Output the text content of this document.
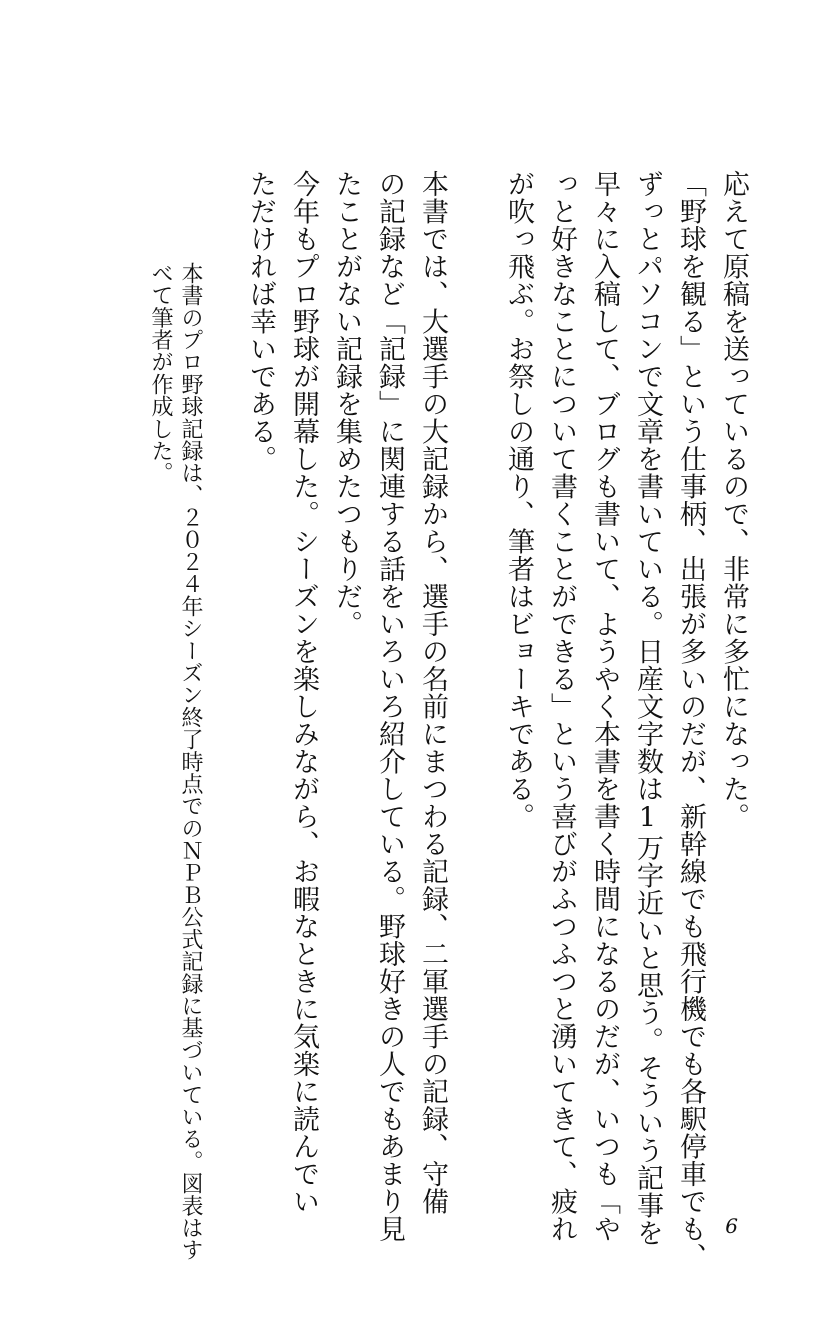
応えて原稿を送っているので、非常に多忙になった。
「野球を観る」という仕事柄、出張が多いのだが、新幹線でも飛行機でも各駅停車でも、
ずっとパソコンで文章を書いている。日産文字数は1万字近いと思う。そういう記事を
早々に入稿して、ブログも書いて、ようやく本書を書く時間になるのだが、いつも「や
っと好きなことについて書くことができる」という喜びがふつふつと湧いてきて、疲れ
が吹っ飛ぶ。お祭しの通り、筆者はビョーキである。

本書では、大選手の大記録から、選手の名前にまつわる記録、二軍選手の記録、守備
の記録など「記録」に関連する話をいろいろ紹介している。野球好きの人でもあまり見
たことがない記録を集めたつもりだ。
今年もプロ野球が開幕した。シーズンを楽しみながら、お暇なときに気楽に読んでい
ただければ幸いである。

本書のプロ野球記録は、２０２４年シーズン終了時点でのＮＰＢ公式記録に基づいている。図表はす
べて筆者が作成した。

6
